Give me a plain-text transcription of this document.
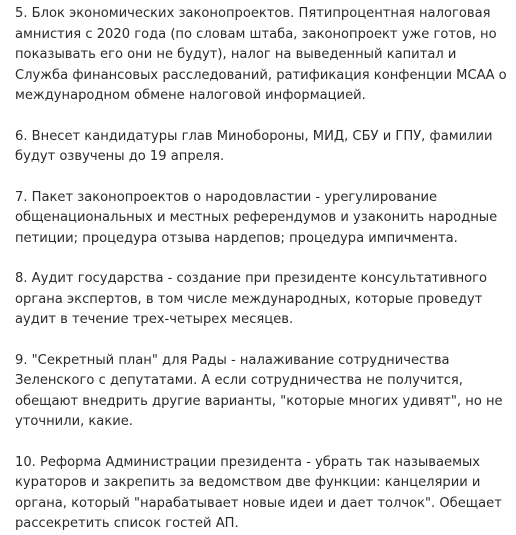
5. Блок экономических законопроектов. Пятипроцентная налоговая амнистия с 2020 года (по словам штаба, законопроект уже готов, но показывать его они не будут), налог на выведенный капитал и Служба финансовых расследований, ратификация конфенции МСАА о международном обмене налоговой информацией.

6. Внесет кандидатуры глав Минобороны, МИД, СБУ и ГПУ, фамилии будут озвучены до 19 апреля.

7. Пакет законопроектов о народовластии - урегулирование общенациональных и местных референдумов и узаконить народные петиции; процедура отзыва нардепов; процедура импичмента.

8. Аудит государства - создание при президенте консультативного органа экспертов, в том числе международных, которые проведут аудит в течение трех-четырех месяцев.

9. "Секретный план" для Рады - налаживание сотрудничества Зеленского с депутатами. А если сотрудничества не получится, обещают внедрить другие варианты, "которые многих удивят", но не уточнили, какие.

10. Реформа Администрации президента - убрать так называемых кураторов и закрепить за ведомством две функции: канцелярии и органа, который "нарабатывает новые идеи и дает толчок". Обещает рассекретить список гостей АП.
